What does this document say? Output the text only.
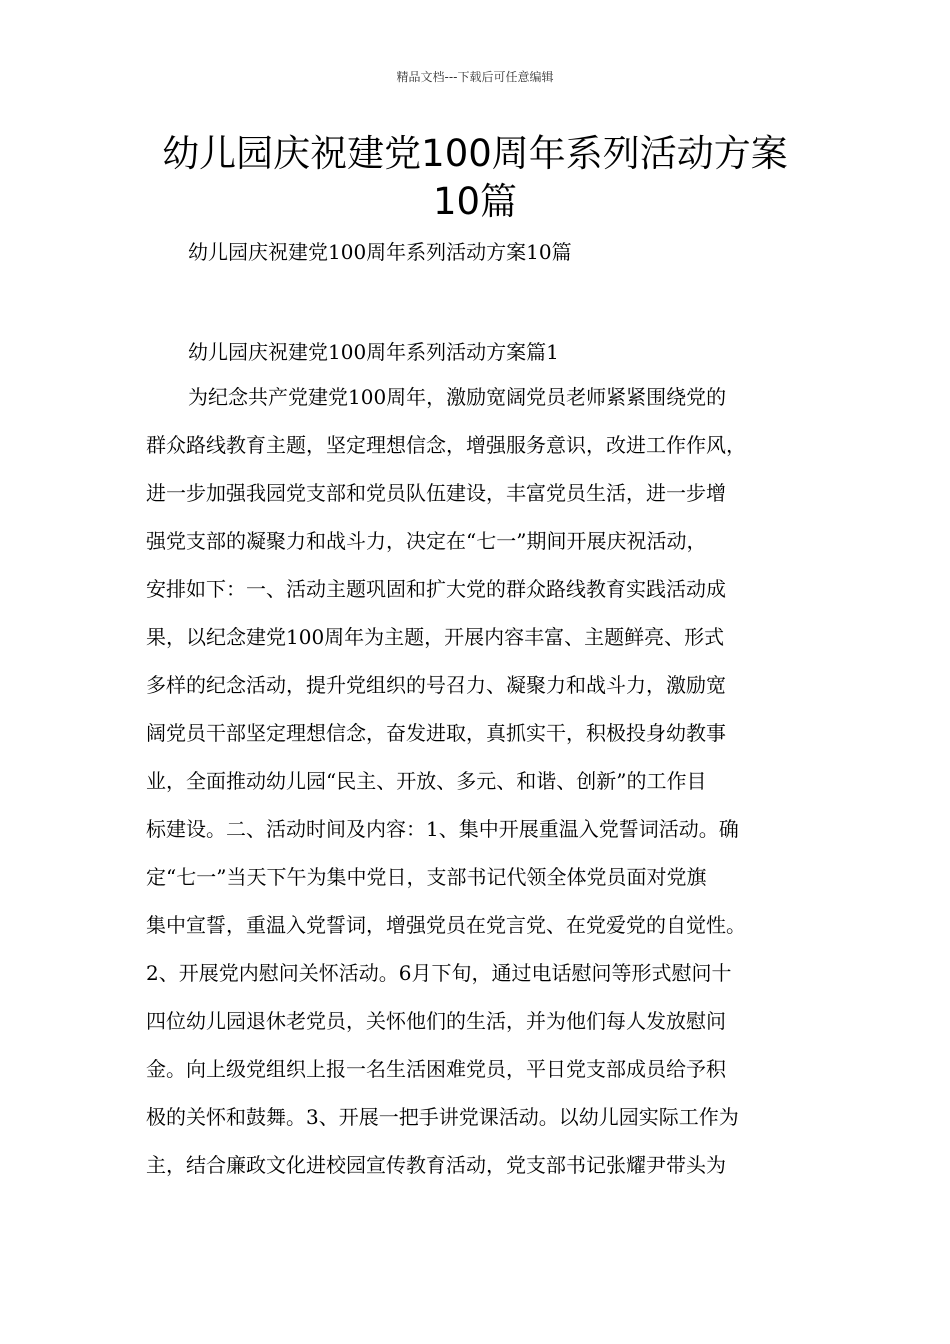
精品文档---下载后可任意编辑
幼儿园庆祝建党100周年系列活动方案
10篇
幼儿园庆祝建党100周年系列活动方案10篇
幼儿园庆祝建党100周年系列活动方案篇1
为纪念共产党建党100周年，激励宽阔党员老师紧紧围绕党的
群众路线教育主题，坚定理想信念，增强服务意识，改进工作作风，
进一步加强我园党支部和党员队伍建设，丰富党员生活，进一步增
强党支部的凝聚力和战斗力，决定在“七一”期间开展庆祝活动，
安排如下：一、活动主题巩固和扩大党的群众路线教育实践活动成
果，以纪念建党100周年为主题，开展内容丰富、主题鲜亮、形式
多样的纪念活动，提升党组织的号召力、凝聚力和战斗力，激励宽
阔党员干部坚定理想信念，奋发进取，真抓实干，积极投身幼教事
业，全面推动幼儿园“民主、开放、多元、和谐、创新”的工作目
标建设。二、活动时间及内容：1、集中开展重温入党誓词活动。确
定“七一”当天下午为集中党日，支部书记代领全体党员面对党旗
集中宣誓，重温入党誓词，增强党员在党言党、在党爱党的自觉性。
2、开展党内慰问关怀活动。6月下旬，通过电话慰问等形式慰问十
四位幼儿园退休老党员，关怀他们的生活，并为他们每人发放慰问
金。向上级党组织上报一名生活困难党员，平日党支部成员给予积
极的关怀和鼓舞。3、开展一把手讲党课活动。以幼儿园实际工作为
主，结合廉政文化进校园宣传教育活动，党支部书记张耀尹带头为
